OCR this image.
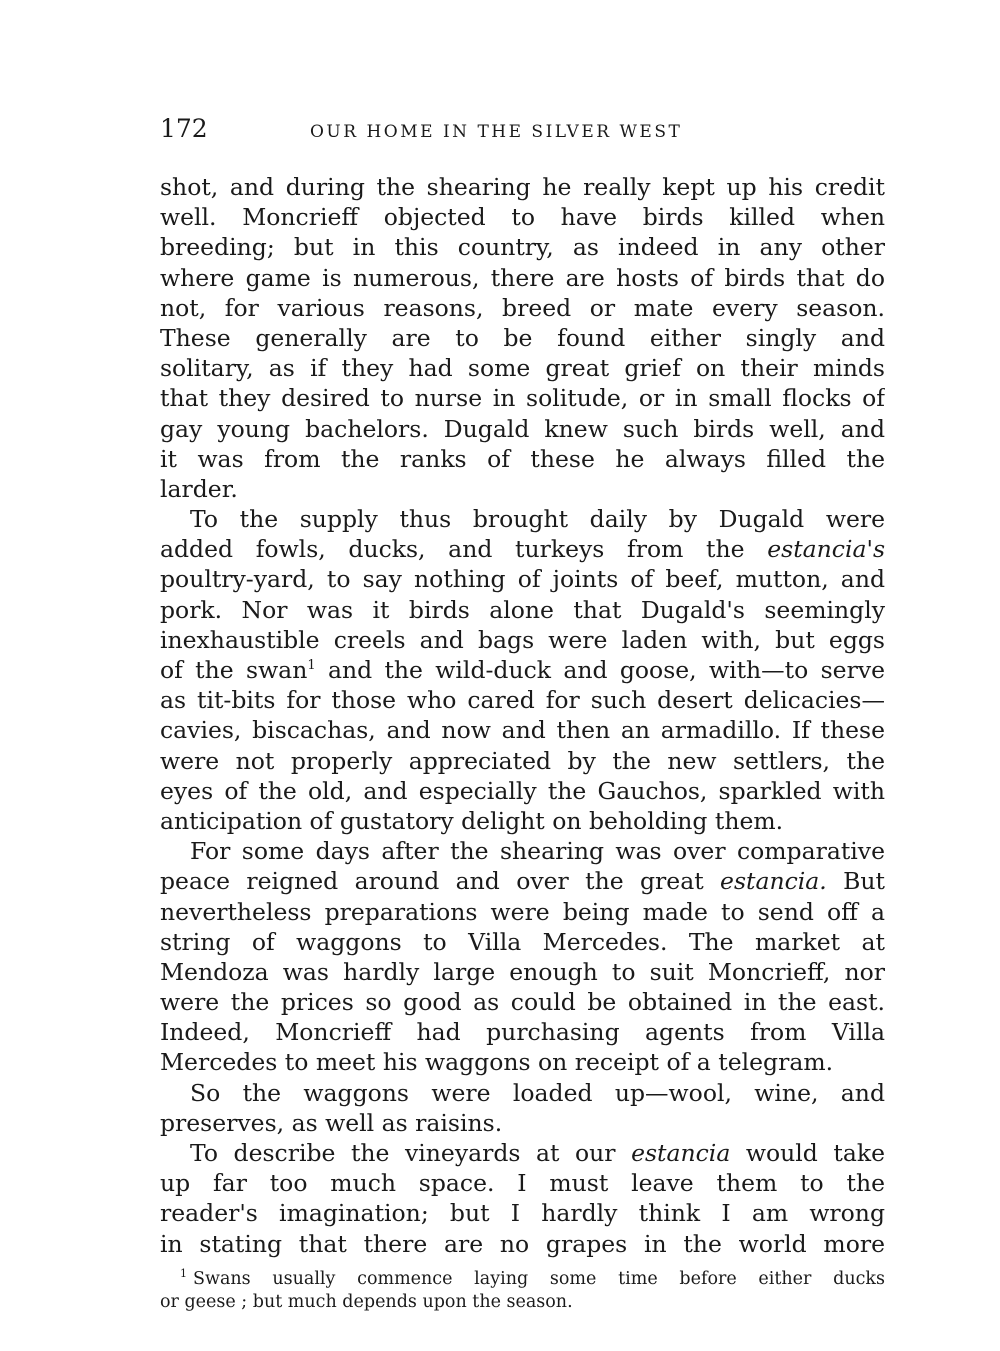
172	OUR HOME IN THE SILVER WEST
shot, and during the shearing he really kept up his credit
well. Moncrieff objected to have birds killed when
breeding; but in this country, as indeed in any other
where game is numerous, there are hosts of birds that do
not, for various reasons, breed or mate every season.
These generally are to be found either singly and
solitary, as if they had some great grief on their minds
that they desired to nurse in solitude, or in small flocks of
gay young bachelors. Dugald knew such birds well, and
it was from the ranks of these he always filled the
larder.
To the supply thus brought daily by Dugald were
added fowls, ducks, and turkeys from the estancia's
poultry-yard, to say nothing of joints of beef, mutton, and
pork. Nor was it birds alone that Dugald's seemingly
inexhaustible creels and bags were laden with, but eggs
of the swan$^1$ and the wild-duck and goose, with—to serve
as tit-bits for those who cared for such desert delicacies—
cavies, biscachas, and now and then an armadillo. If these
were not properly appreciated by the new settlers, the
eyes of the old, and especially the Gauchos, sparkled with
anticipation of gustatory delight on beholding them.
For some days after the shearing was over comparative
peace reigned around and over the great estancia. But
nevertheless preparations were being made to send off a
string of waggons to Villa Mercedes. The market at
Mendoza was hardly large enough to suit Moncrieff, nor
were the prices so good as could be obtained in the east.
Indeed, Moncrieff had purchasing agents from Villa
Mercedes to meet his waggons on receipt of a telegram.
So the waggons were loaded up—wool, wine, and
preserves, as well as raisins.
To describe the vineyards at our estancia would take
up far too much space. I must leave them to the
reader's imagination; but I hardly think I am wrong
in stating that there are no grapes in the world more
$^1$ Swans usually commence laying some time before either ducks
or geese ; but much depends upon the season.
